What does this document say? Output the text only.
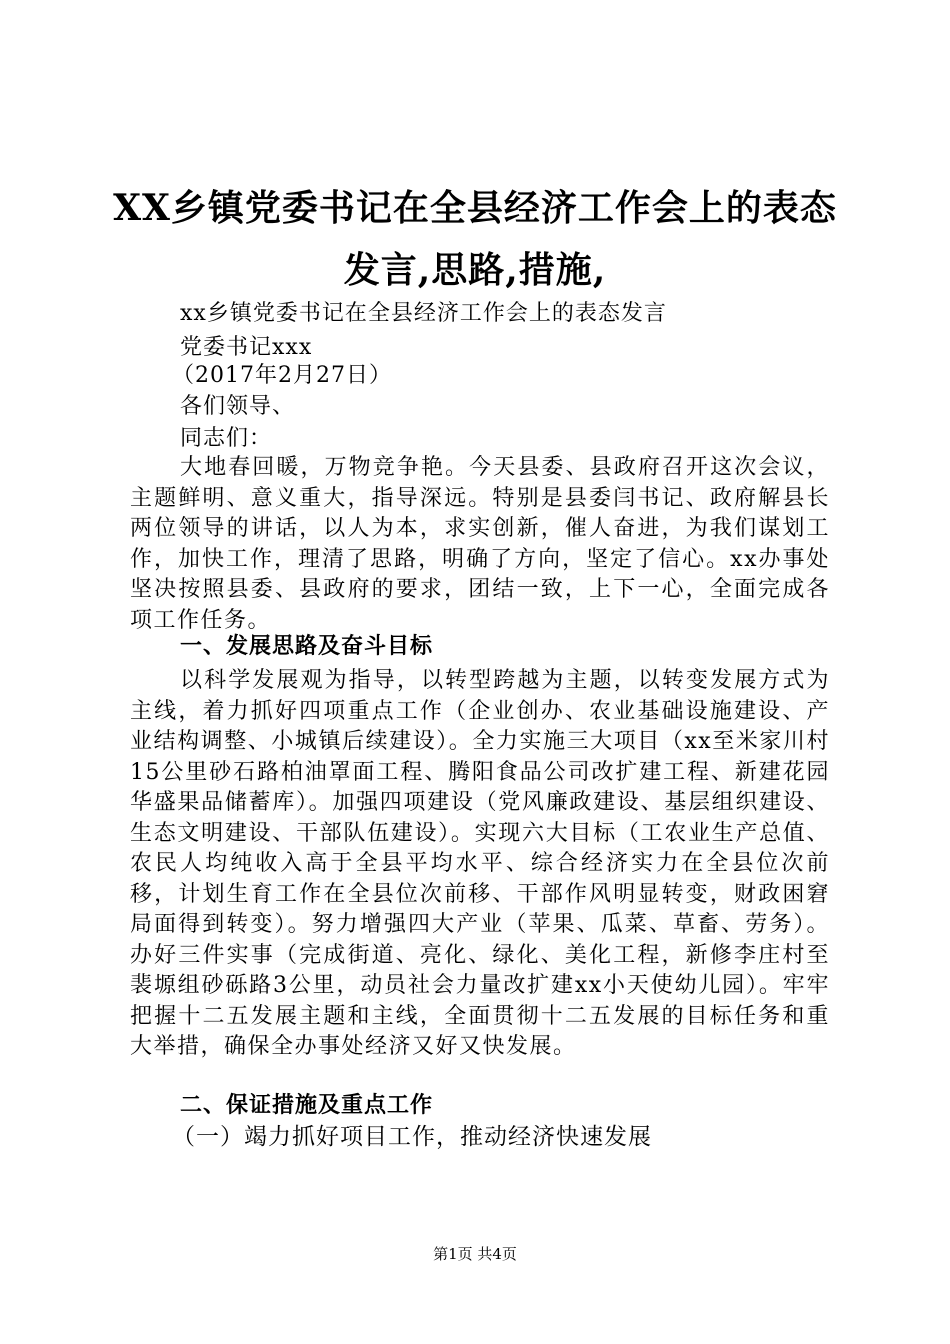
XX乡镇党委书记在全县经济工作会上的表态
发言,思路,措施,
xx乡镇党委书记在全县经济工作会上的表态发言
党委书记xxx
（2017年2月27日）
各们领导、
同志们：
大地春回暖，万物竞争艳。今天县委、县政府召开这次会议，主题鲜明、意义重大，指导深远。特别是县委闫书记、政府解县长两位领导的讲话，以人为本，求实创新，催人奋进，为我们谋划工作，加快工作，理清了思路，明确了方向，坚定了信心。xx办事处坚决按照县委、县政府的要求，团结一致，上下一心，全面完成各项工作任务。
一、发展思路及奋斗目标
以科学发展观为指导，以转型跨越为主题，以转变发展方式为主线，着力抓好四项重点工作（企业创办、农业基础设施建设、产业结构调整、小城镇后续建设）。全力实施三大项目（xx至米家川村15公里砂石路柏油罩面工程、腾阳食品公司改扩建工程、新建花园华盛果品储蓄库）。加强四项建设（党风廉政建设、基层组织建设、生态文明建设、干部队伍建设）。实现六大目标（工农业生产总值、农民人均纯收入高于全县平均水平、综合经济实力在全县位次前移，计划生育工作在全县位次前移、干部作风明显转变，财政困窘局面得到转变）。努力增强四大产业（苹果、瓜菜、草畜、劳务）。办好三件实事（完成街道、亮化、绿化、美化工程，新修李庄村至裴塬组砂砾路3公里，动员社会力量改扩建xx小天使幼儿园）。牢牢把握十二五发展主题和主线，全面贯彻十二五发展的目标任务和重大举措，确保全办事处经济又好又快发展。
二、保证措施及重点工作
（一）竭力抓好项目工作，推动经济快速发展
第1页 共4页
